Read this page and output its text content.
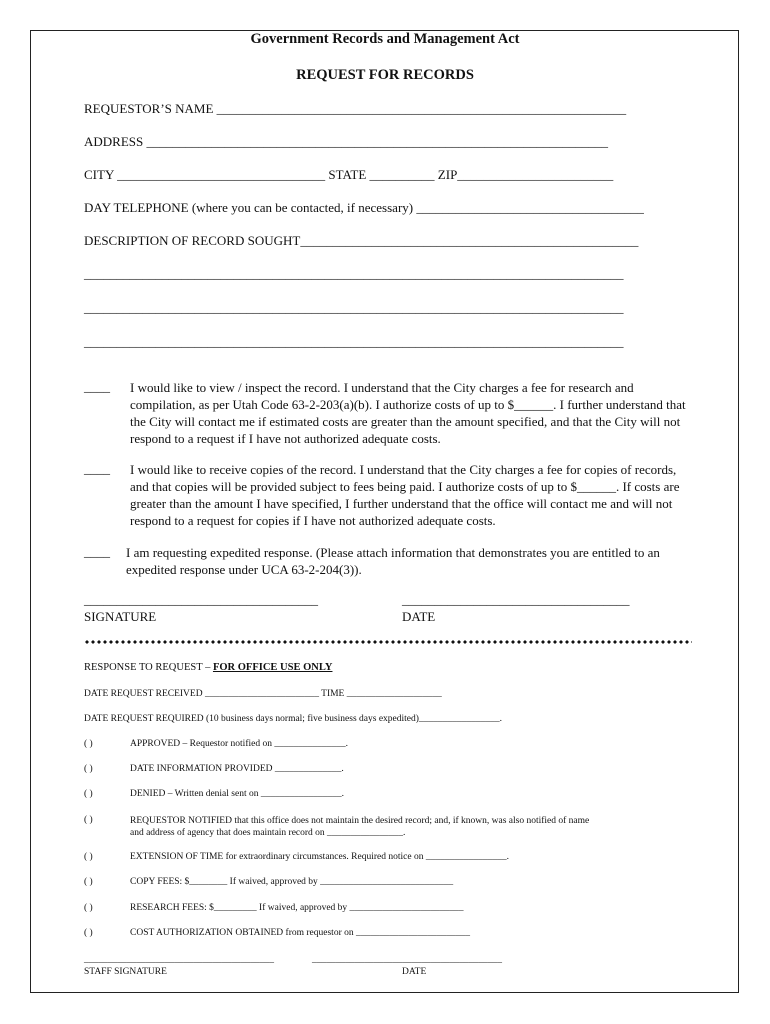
Government Records and Management Act
REQUEST FOR RECORDS
REQUESTOR’S NAME _______________________________________________________________
ADDRESS _______________________________________________________________________
CITY ________________________________ STATE __________ ZIP________________________
DAY TELEPHONE (where you can be contacted, if necessary) ___________________________________
DESCRIPTION OF RECORD SOUGHT____________________________________________________
___________________________________________________________________________________
___________________________________________________________________________________
___________________________________________________________________________________
____ I would like to view / inspect the record. I understand that the City charges a fee for research and compilation, as per Utah Code 63-2-203(a)(b). I authorize costs of up to $______. I further understand that the City will contact me if estimated costs are greater than the amount specified, and that the City will not respond to a request if I have not authorized adequate costs.
____ I would like to receive copies of the record. I understand that the City charges a fee for copies of records, and that copies will be provided subject to fees being paid. I authorize costs of up to $______. If costs are greater than the amount I have specified, I further understand that the office will contact me and will not respond to a request for copies if I have not authorized adequate costs.
____ I am requesting expedited response. (Please attach information that demonstrates you are entitled to an expedited response under UCA 63-2-204(3)).
____________________________________	___________________________________
SIGNATURE	DATE
RESPONSE TO REQUEST – FOR OFFICE USE ONLY
DATE REQUEST RECEIVED ________________________ TIME ____________________
DATE REQUEST REQUIRED (10 business days normal; five business days expedited)_________________.
( )	APPROVED – Requestor notified on _______________.
( )	DATE INFORMATION PROVIDED ______________.
( )	DENIED – Written denial sent on _________________.
( )	REQUESTOR NOTIFIED that this office does not maintain the desired record; and, if known, was also notified of name and address of agency that does maintain record on ________________.
( )	EXTENSION OF TIME for extraordinary circumstances. Required notice on _________________.
( )	COPY FEES: $________ If waived, approved by ____________________________
( )	RESEARCH FEES: $_________ If waived, approved by ________________________
( )	COST AUTHORIZATION OBTAINED from requestor on ________________________
________________________________________	________________________________________
STAFF SIGNATURE	DATE
